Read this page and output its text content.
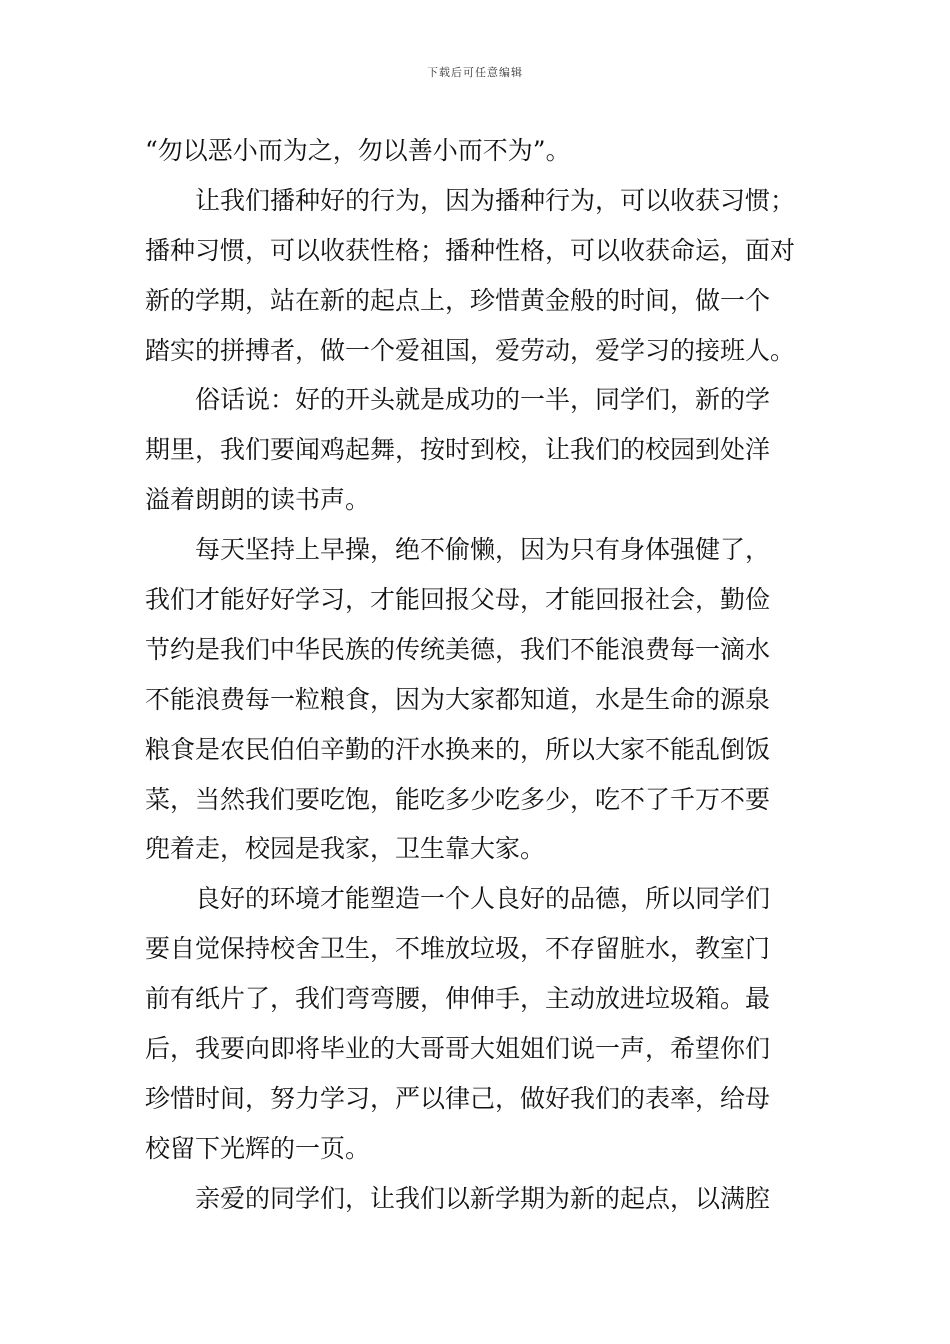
下载后可任意编辑
“勿以恶小而为之，勿以善小而不为”。
让我们播种好的行为，因为播种行为，可以收获习惯；
播种习惯，可以收获性格；播种性格，可以收获命运，面对
新的学期，站在新的起点上，珍惜黄金般的时间，做一个
踏实的拼搏者，做一个爱祖国，爱劳动，爱学习的接班人。
俗话说：好的开头就是成功的一半，同学们，新的学
期里，我们要闻鸡起舞，按时到校，让我们的校园到处洋
溢着朗朗的读书声。
每天坚持上早操，绝不偷懒，因为只有身体强健了，
我们才能好好学习，才能回报父母，才能回报社会，勤俭
节约是我们中华民族的传统美德，我们不能浪费每一滴水
不能浪费每一粒粮食，因为大家都知道，水是生命的源泉
粮食是农民伯伯辛勤的汗水换来的，所以大家不能乱倒饭
菜，当然我们要吃饱，能吃多少吃多少，吃不了千万不要
兜着走，校园是我家，卫生靠大家。
良好的环境才能塑造一个人良好的品德，所以同学们
要自觉保持校舍卫生，不堆放垃圾，不存留脏水，教室门
前有纸片了，我们弯弯腰，伸伸手，主动放进垃圾箱。最
后，我要向即将毕业的大哥哥大姐姐们说一声，希望你们
珍惜时间，努力学习，严以律己，做好我们的表率，给母
校留下光辉的一页。
亲爱的同学们，让我们以新学期为新的起点，以满腔
